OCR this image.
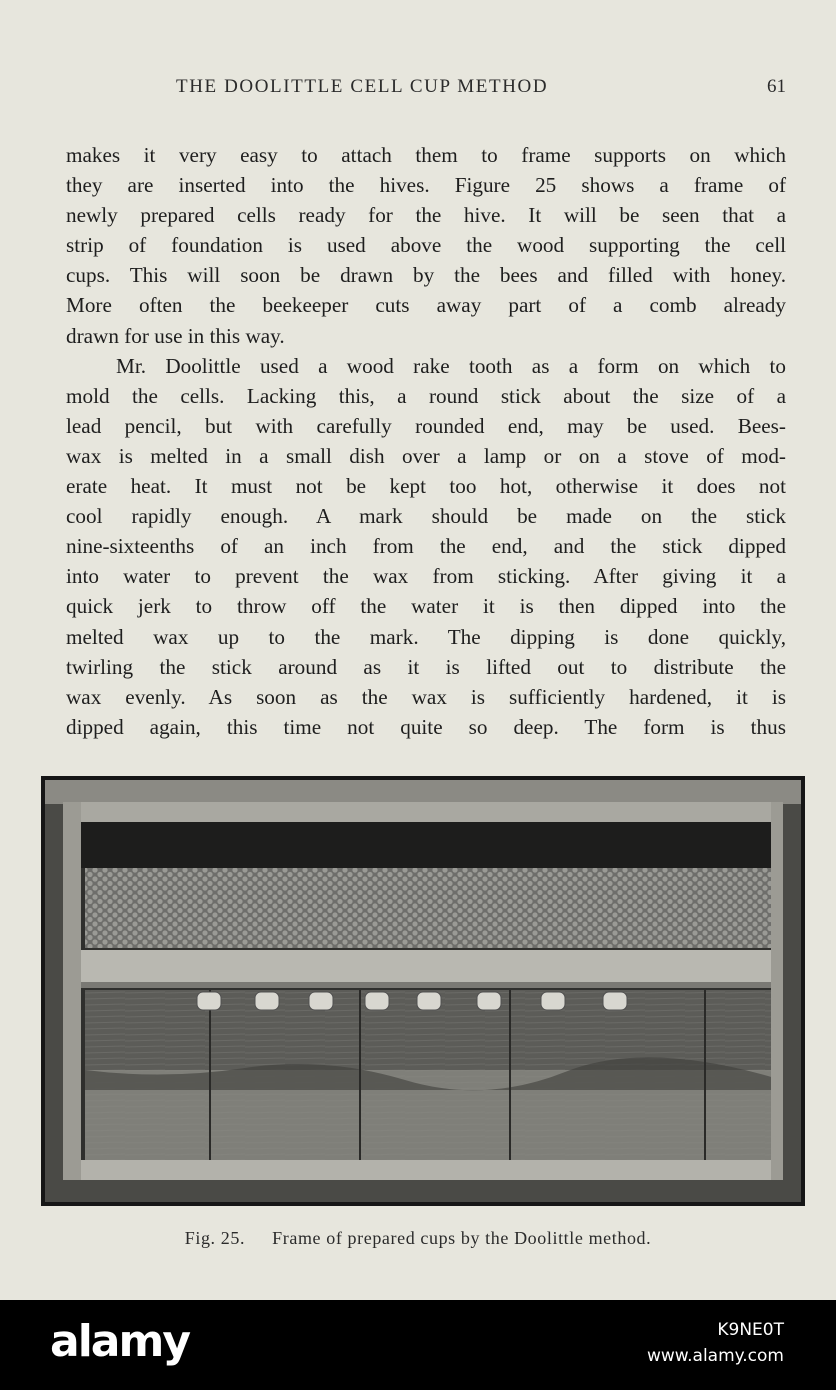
THE DOOLITTLE CELL CUP METHOD	61
makes it very easy to attach them to frame supports on which
they are inserted into the hives. Figure 25 shows a frame of
newly prepared cells ready for the hive. It will be seen that a
strip of foundation is used above the wood supporting the cell
cups. This will soon be drawn by the bees and filled with honey.
More often the beekeeper cuts away part of a comb already
drawn for use in this way.
Mr. Doolittle used a wood rake tooth as a form on which to
mold the cells. Lacking this, a round stick about the size of a
lead pencil, but with carefully rounded end, may be used. Bees-
wax is melted in a small dish over a lamp or on a stove of mod-
erate heat. It must not be kept too hot, otherwise it does not
cool rapidly enough. A mark should be made on the stick
nine-sixteenths of an inch from the end, and the stick dipped
into water to prevent the wax from sticking. After giving it a
quick jerk to throw off the water it is then dipped into the
melted wax up to the mark. The dipping is done quickly,
twirling the stick around as it is lifted out to distribute the
wax evenly. As soon as the wax is sufficiently hardened, it is
dipped again, this time not quite so deep. The form is thus
Fig. 25. Frame of prepared cups by the Doolittle method.
alamy	K9NE0T
www.alamy.com
